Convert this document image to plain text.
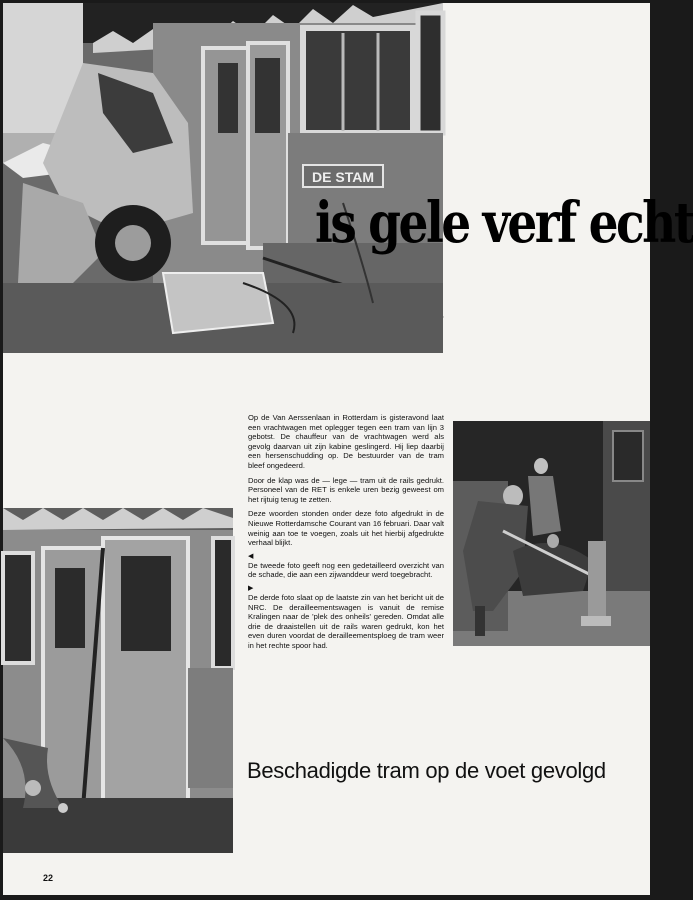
DE STAM
is gele verf echt

Op de Van Aerssenlaan in Rotterdam is gisteravond laat een vrachtwagen met oplegger tegen een tram van lijn 3 gebotst. De chauffeur van de vrachtwagen werd als gevolg daarvan uit zijn kabine geslingerd. Hij liep daarbij een hersenschudding op. De bestuurder van de tram bleef ongedeerd.

Door de klap was de — lege — tram uit de rails gedrukt. Personeel van de RET is enkele uren bezig geweest om het rijtuig terug te zetten.

Deze woorden stonden onder deze foto afgedrukt in de Nieuwe Rotterdamsche Courant van 16 februari. Daar valt weinig aan toe te voegen, zoals uit het hierbij afgedrukte verhaal blijkt.

◀

De tweede foto geeft nog een gedetailleerd overzicht van de schade, die aan een zijwanddeur werd toegebracht.

▶

De derde foto slaat op de laatste zin van het bericht uit de NRC. De derailleementswagen is vanuit de remise Kralingen naar de 'plek des onheils' gereden. Omdat alle drie de draaistellen uit de rails waren gedrukt, kon het even duren voordat de derailleementsploeg de tram weer in het rechte spoor had.

Beschadigde tram op de voet gevolgd
22
